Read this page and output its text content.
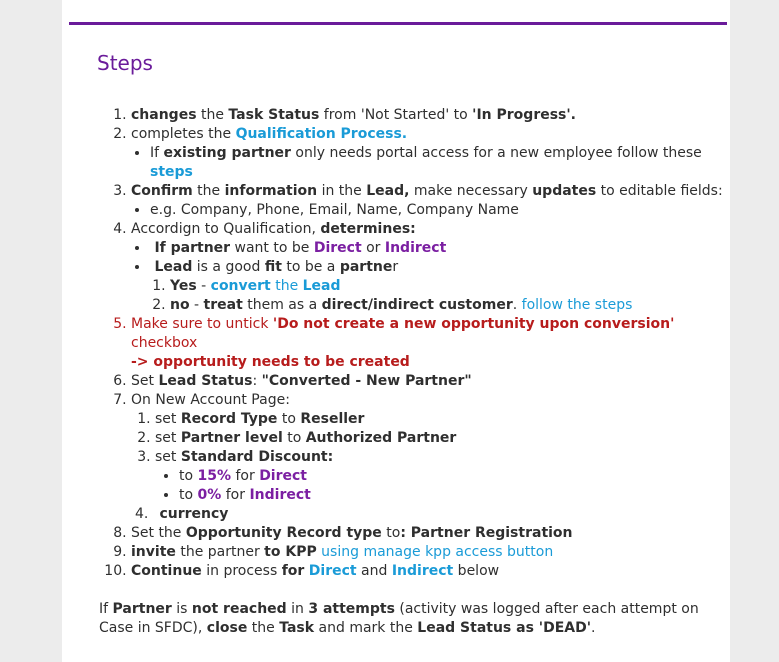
Steps
1. changes the Task Status from 'Not Started' to 'In Progress'.
2. completes the Qualification Process.
• If existing partner only needs portal access for a new employee follow these steps
3. Confirm the information in the Lead, make necessary updates to editable fields:
• e.g. Company, Phone, Email, Name, Company Name
4. Accordign to Qualification, determines:
• If partner want to be Direct or Indirect
• Lead is a good fit to be a partner
1. Yes - convert the Lead
2. no - treat them as a direct/indirect customer. follow the steps
5. Make sure to untick 'Do not create a new opportunity upon conversion' checkbox
-> opportunity needs to be created
6. Set Lead Status: "Converted - New Partner"
7. On New Account Page:
1. set Record Type to Reseller
2. set Partner level to Authorized Partner
3. set Standard Discount:
• to 15% for Direct
• to 0% for Indirect
4. currency
8. Set the Opportunity Record type to: Partner Registration
9. invite the partner to KPP using manage kpp access button
10. Continue in process for Direct and Indirect below

If Partner is not reached in 3 attempts (activity was logged after each attempt on Case in SFDC), close the Task and mark the Lead Status as 'DEAD'.
